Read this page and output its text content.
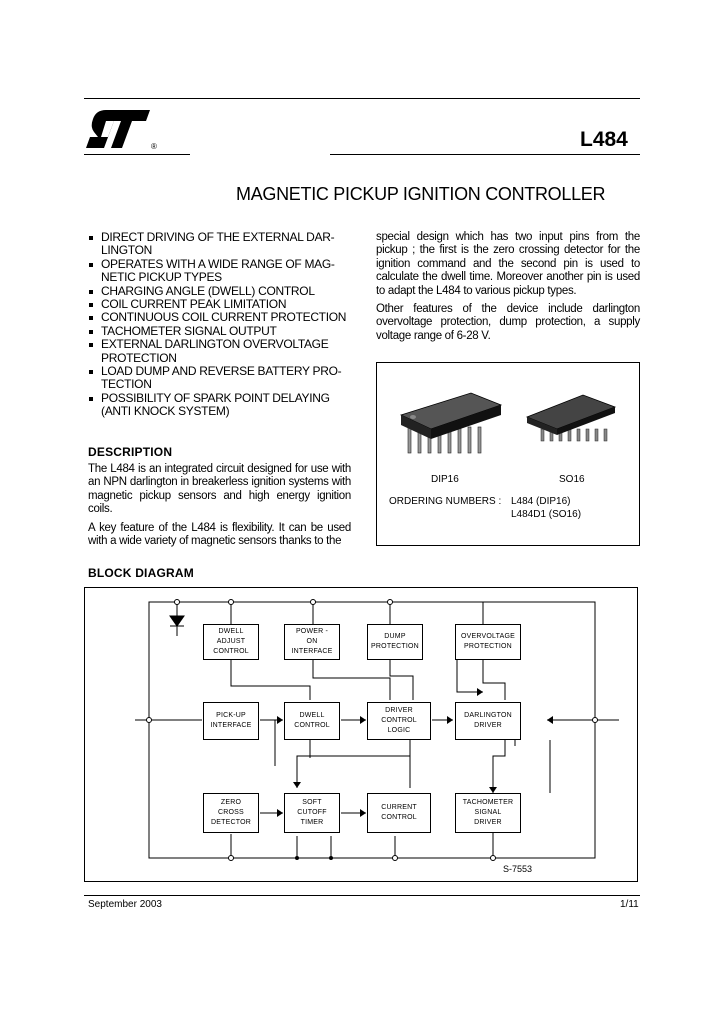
®	L484
MAGNETIC PICKUP IGNITION CONTROLLER
DIRECT DRIVING OF THE EXTERNAL DAR-
LINGTON
OPERATES WITH A WIDE RANGE OF MAG-
NETIC PICKUP TYPES
CHARGING ANGLE (DWELL) CONTROL
COIL CURRENT PEAK LIMITATION
CONTINUOUS COIL CURRENT PROTECTION
TACHOMETER SIGNAL OUTPUT
EXTERNAL DARLINGTON OVERVOLTAGE
PROTECTION
LOAD DUMP AND REVERSE BATTERY PRO-
TECTION
POSSIBILITY OF SPARK POINT DELAYING
(ANTI KNOCK SYSTEM)
DESCRIPTION
The L484 is an integrated circuit designed for use with an NPN darlington in breakerless ignition systems with magnetic pickup sensors and high energy ignition coils.
A key feature of the L484 is flexibility. It can be used with a wide variety of magnetic sensors thanks to the
special design which has two input pins from the pickup ; the first is the zero crossing detector for the ignition command and the second pin is used to calculate the dwell time. Moreover another pin is used to adapt the L484 to various pickup types.
Other features of the device include darlington overvoltage protection, dump protection, a supply voltage range of 6-28 V.
DIP16	SO16
ORDERING NUMBERS : L484 (DIP16)
L484D1 (SO16)
BLOCK DIAGRAM
DWELL
ADJUST
CONTROL
POWER -
ON
INTERFACE
DUMP
PROTECTION
OVERVOLTAGE
PROTECTION
PICK-UP
INTERFACE
DWELL
CONTROL
DRIVER
CONTROL
LOGIC
DARLINGTON
DRIVER
ZERO
CROSS
DETECTOR
SOFT
CUTOFF
TIMER
CURRENT
CONTROL
TACHOMETER
SIGNAL
DRIVER
S-7553
September 2003	1/11
